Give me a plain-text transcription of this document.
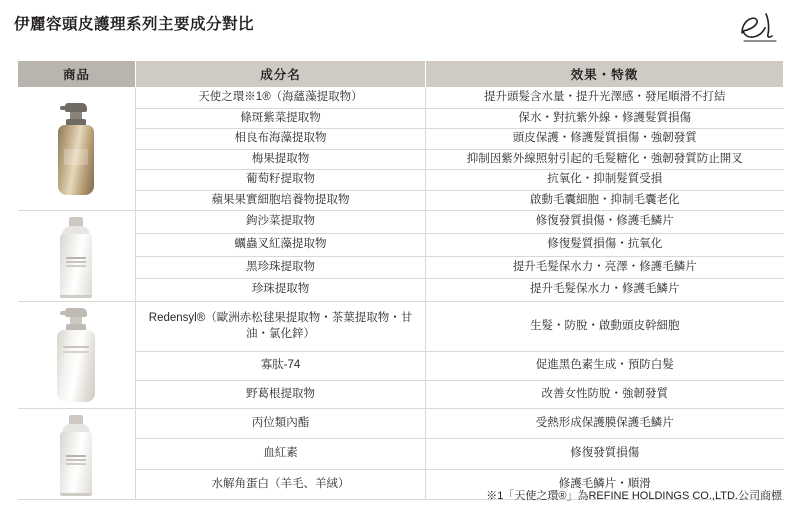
伊麗容頭皮護理系列主要成分對比
商品	成分名	效果・特徵

	天使之環※1®（海蘊藻提取物）	提升頭髮含水量・提升光澤感・發尾順滑不打結
	條斑紫菜提取物	保水・對抗紫外線・修護髮質損傷
	相良布海藻提取物	頭皮保護・修護髮質損傷・強韌發質
	梅果提取物	抑制因紫外線照射引起的毛髮糖化・強韌發質防止開叉
	葡萄籽提取物	抗氧化・抑制髮質受損
	蘋果果實細胞培養物提取物	啟動毛囊細胞・抑制毛囊老化

	鉤沙菜提取物	修復發質損傷・修護毛鱗片
	蠣蟲叉紅藻提取物	修復髮質損傷・抗氧化
	黑珍珠提取物	提升毛髮保水力・亮澤・修護毛鱗片
	珍珠提取物	提升毛髮保水力・修護毛鱗片

	Redensyl®（歐洲赤松毬果提取物・茶葉提取物・甘油・氯化鋅）	生髮・防脫・啟動頭皮幹細胞
	寡肽-74	促進黑色素生成・預防白髮
	野葛根提取物	改善女性防脫・強韌發質

	丙位類內酯	受熱形成保護膜保護毛鱗片
	血紅素	修復發質損傷
	水解角蛋白（羊毛、羊絨）	修護毛鱗片・順滑
※1「天使之環®」為REFINE HOLDINGS CO.,LTD.公司商標
